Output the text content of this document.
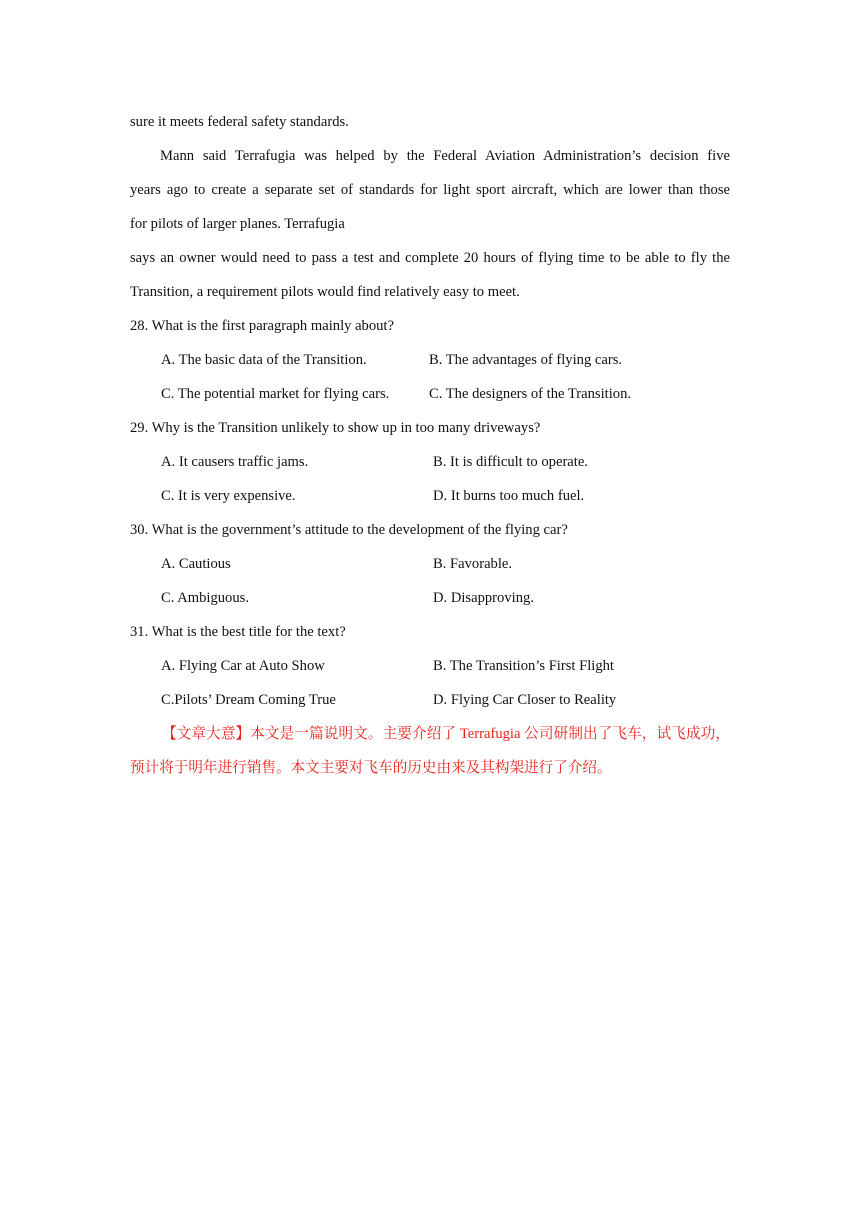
sure it meets federal safety standards.
Mann said Terrafugia was helped by the Federal Aviation Administration’s decision five
years ago to create a separate set of standards for light sport aircraft, which are lower than those
for pilots of larger planes. Terrafugia
says an owner would need to pass a test and complete 20 hours of flying time to be able to fly the
Transition, a requirement pilots would find relatively easy to meet.
28. What is the first paragraph mainly about?
A. The basic data of the Transition.	B. The advantages of flying cars.
C. The potential market for flying cars.	C. The designers of the Transition.
29. Why is the Transition unlikely to show up in too many driveways?
A. It causers traffic jams.	B. It is difficult to operate.
C. It is very expensive.	D. It burns too much fuel.
30. What is the government’s attitude to the development of the flying car?
A. Cautious	B. Favorable.
C. Ambiguous.	D. Disapproving.
31. What is the best title for the text?
A. Flying Car at Auto Show	B. The Transition’s First Flight
C.Pilots’ Dream Coming True	D. Flying Car Closer to Reality
【文章大意】本文是一篇说明文。主要介绍了 Terrafugia 公司研制出了飞车，试飞成功，
预计将于明年进行销售。本文主要对飞车的历史由来及其构架进行了介绍。
